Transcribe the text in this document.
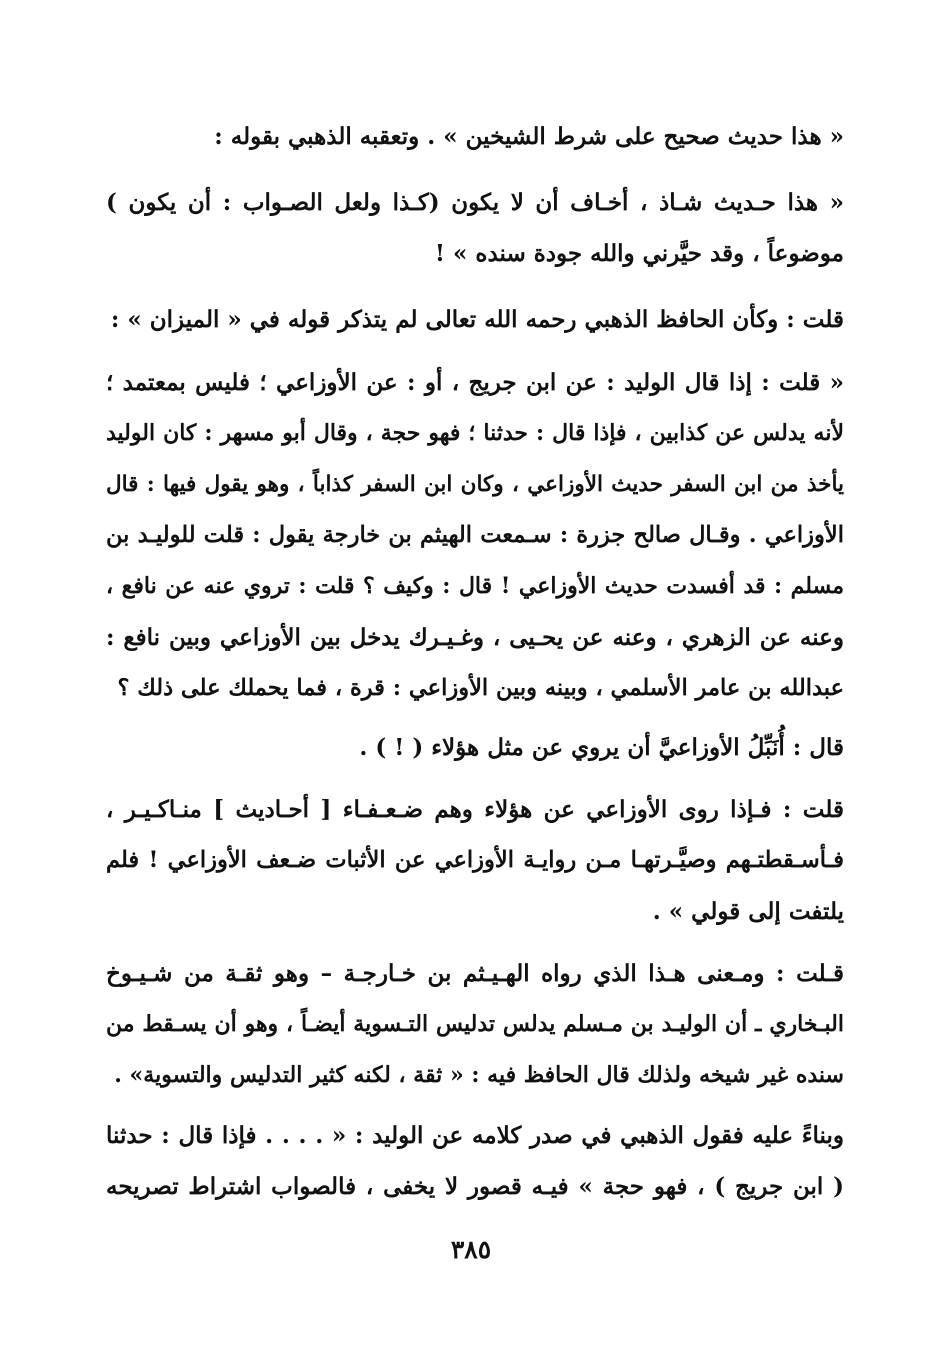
« هذا حديث صحيح على شرط الشيخين » . وتعقبه الذهبي بقوله :
« هذا حـديث شـاذ ، أخـاف أن لا يكون (كـذا ولعل الصـواب : أن يكون )
موضوعاً ، وقد حيَّرني والله جودة سنده » !
قلت : وكأن الحافظ الذهبي رحمه الله تعالى لم يتذكر قوله في « الميزان » :
« قلت : إذا قال الوليد : عن ابن جريج ، أو : عن الأوزاعي ؛ فليس بمعتمد ؛
لأنه يدلس عن كذابين ، فإذا قال : حدثنا ؛ فهو حجة ، وقال أبو مسهر : كان الوليد
يأخذ من ابن السفر حديث الأوزاعي ، وكان ابن السفر كذاباً ، وهو يقول فيها : قال
الأوزاعي . وقـال صالح جزرة : سـمعت الهيثم بن خارجة يقول : قلت للوليـد بن
مسلم : قد أفسدت حديث الأوزاعي ! قال : وكيف ؟ قلت : تروي عنه عن نافع ،
وعنه عن الزهري ، وعنه عن يحـيى ، وغـيـرك يدخل بين الأوزاعي وبين نافع :
عبدالله بن عامر الأسلمي ، وبينه وبين الأوزاعي : قرة ، فما يحملك على ذلك ؟
قال : أُنَبِّلُ الأوزاعيَّ أن يروي عن مثل هؤلاء ( ! ) .
قلت : فـإذا روى الأوزاعي عن هؤلاء وهم ضـعـفـاء [ أحـاديث ] منـاكـيـر ،
فـأسـقطتـهم وصيَّـرتهـا مـن روايـة الأوزاعي عن الأثبات ضـعف الأوزاعي ! فلم
يلتفت إلى قولي » .
قـلت : ومـعنى هـذا الذي رواه الهـيـثم بن خـارجـة – وهو ثقـة من شـيـوخ
البـخاري ـ أن الوليـد بن مـسلم يدلس تدليس التـسوية أيضـاً ، وهو أن يسـقط من
سنده غير شيخه ولذلك قال الحافظ فيه : « ثقة ، لكنه كثير التدليس والتسوية» .
وبناءً عليه فقول الذهبي في صدر كلامه عن الوليد : « . . . . فإذا قال : حدثنا
( ابن جريج ) ، فهو حجة » فيـه قصور لا يخفى ، فالصواب اشتراط تصريحه
٣٨٥
